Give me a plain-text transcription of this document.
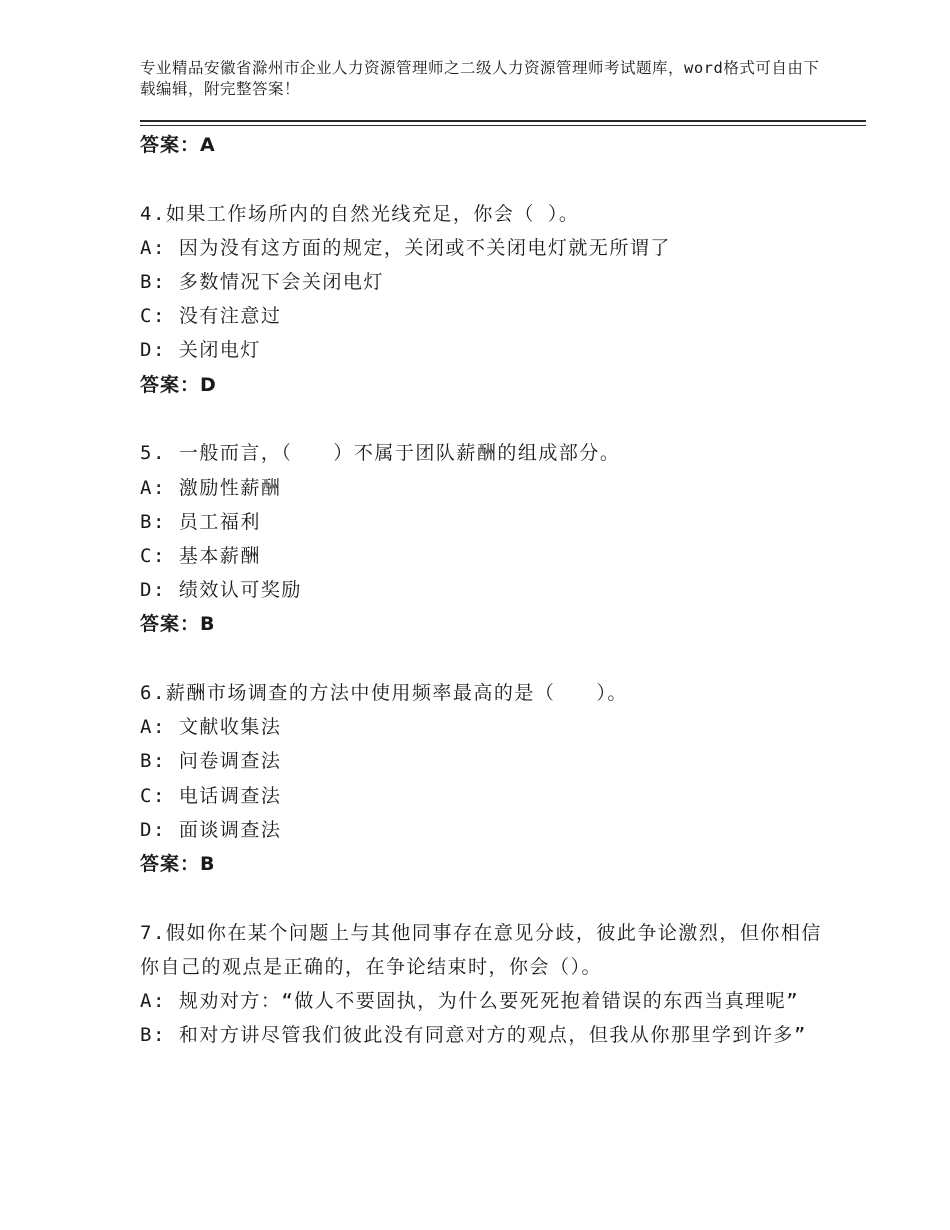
专业精品安徽省滁州市企业人力资源管理师之二级人力资源管理师考试题库，word格式可自由下载编辑，附完整答案！
答案：A
4.如果工作场所内的自然光线充足，你会（ ）。
A: 因为没有这方面的规定，关闭或不关闭电灯就无所谓了
B: 多数情况下会关闭电灯
C: 没有注意过
D: 关闭电灯
答案：D
5. 一般而言，（　　）不属于团队薪酬的组成部分。
A: 激励性薪酬
B: 员工福利
C: 基本薪酬
D: 绩效认可奖励
答案：B
6.薪酬市场调查的方法中使用频率最高的是（　　）。
A: 文献收集法
B: 问卷调查法
C: 电话调查法
D: 面谈调查法
答案：B
7.假如你在某个问题上与其他同事存在意见分歧，彼此争论激烈，但你相信你自己的观点是正确的，在争论结束时，你会（）。
A: 规劝对方：“做人不要固执，为什么要死死抱着错误的东西当真理呢”
B: 和对方讲尽管我们彼此没有同意对方的观点，但我从你那里学到许多”
